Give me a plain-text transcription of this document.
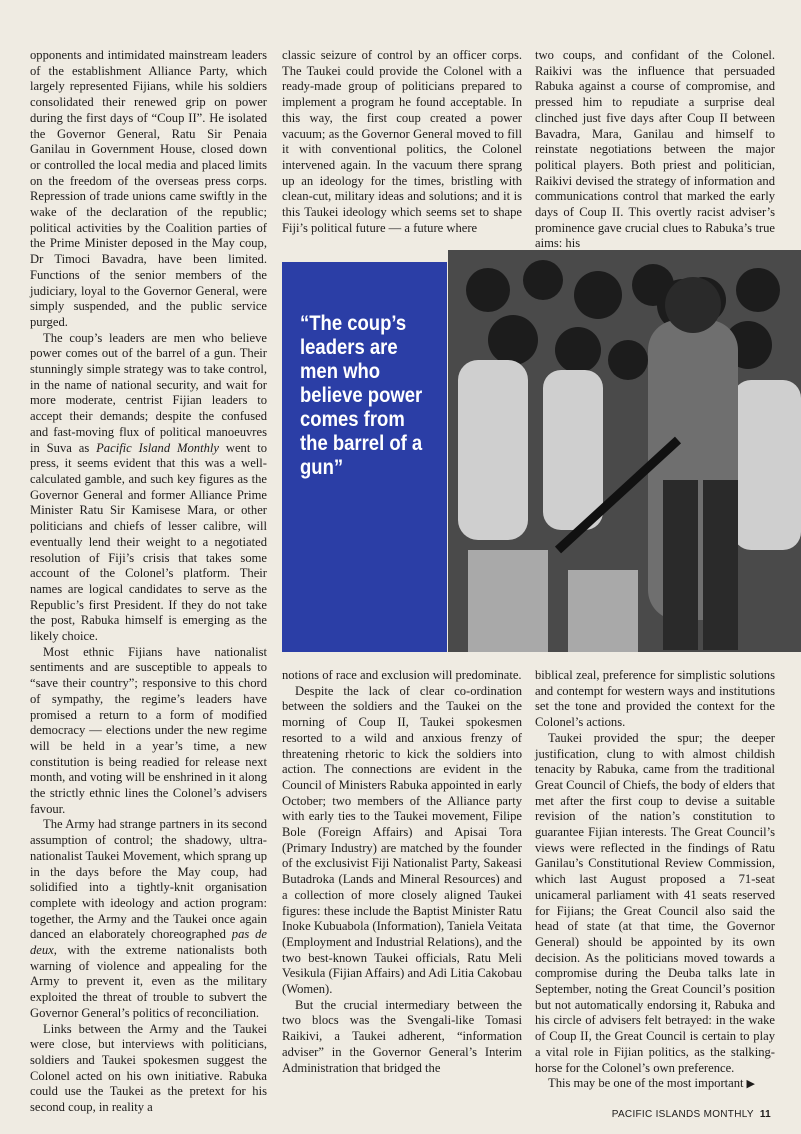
opponents and intimidated mainstream leaders of the establishment Alliance Party, which largely represented Fijians, while his soldiers consolidated their renewed grip on power during the first days of “Coup II”. He isolated the Governor General, Ratu Sir Penaia Ganilau in Government House, closed down or controlled the local media and placed limits on the freedom of the overseas press corps. Repression of trade unions came swiftly in the wake of the declaration of the republic; political activities by the Coalition parties of the Prime Minister deposed in the May coup, Dr Timoci Bavadra, have been limited. Functions of the senior members of the judiciary, loyal to the Governor General, were simply suspended, and the public service purged.

The coup’s leaders are men who believe power comes out of the barrel of a gun. Their stunningly simple strategy was to take control, in the name of national security, and wait for more moderate, centrist Fijian leaders to accept their demands; despite the confused and fast-moving flux of political manoeuvres in Suva as Pacific Island Monthly went to press, it seems evident that this was a well-calculated gamble, and such key figures as the Governor General and former Alliance Prime Minister Ratu Sir Kamisese Mara, or other politicians and chiefs of lesser calibre, will eventually lend their weight to a negotiated resolution of Fiji’s crisis that takes some account of the Colonel’s platform. Their names are logical candidates to serve as the Republic’s first President. If they do not take the post, Rabuka himself is emerging as the likely choice.

Most ethnic Fijians have nationalist sentiments and are susceptible to appeals to “save their country”; responsive to this chord of sympathy, the regime’s leaders have promised a return to a form of modified democracy — elections under the new regime will be held in a year’s time, a new constitution is being readied for release next month, and voting will be enshrined in it along the strictly ethnic lines the Colonel’s advisers favour.

The Army had strange partners in its second assumption of control; the shadowy, ultra-nationalist Taukei Movement, which sprang up in the days before the May coup, had solidified into a tightly-knit organisation complete with ideology and action program: together, the Army and the Taukei once again danced an elaborately choreographed pas de deux, with the extreme nationalists both warning of violence and appealing for the Army to prevent it, even as the military exploited the threat of trouble to subvert the Governor General’s politics of reconciliation.

Links between the Army and the Taukei were close, but interviews with politicians, soldiers and Taukei spokesmen suggest the Colonel acted on his own initiative. Rabuka could use the Taukei as the pretext for his second coup, in reality a

classic seizure of control by an officer corps. The Taukei could provide the Colonel with a ready-made group of politicians prepared to implement a program he found acceptable. In this way, the first coup created a power vacuum; as the Governor General moved to fill it with conventional politics, the Colonel intervened again. In the vacuum there sprang up an ideology for the times, bristling with clean-cut, military ideas and solutions; and it is this Taukei ideology which seems set to shape Fiji’s political future — a future where

two coups, and confidant of the Colonel. Raikivi was the influence that persuaded Rabuka against a course of compromise, and pressed him to repudiate a surprise deal clinched just five days after Coup II between Bavadra, Mara, Ganilau and himself to reinstate negotiations between the major political players. Both priest and politician, Raikivi devised the strategy of information and communications control that marked the early days of Coup II. This overtly racist adviser’s prominence gave crucial clues to Rabuka’s true aims: his

“The coup’s leaders are men who believe power comes from the barrel of a gun”

notions of race and exclusion will predominate.

Despite the lack of clear co-ordination between the soldiers and the Taukei on the morning of Coup II, Taukei spokesmen resorted to a wild and anxious frenzy of threatening rhetoric to kick the soldiers into action. The connections are evident in the Council of Ministers Rabuka appointed in early October; two members of the Alliance party with early ties to the Taukei movement, Filipe Bole (Foreign Affairs) and Apisai Tora (Primary Industry) are matched by the founder of the exclusivist Fiji Nationalist Party, Sakeasi Butadroka (Lands and Mineral Resources) and a collection of more closely aligned Taukei figures: these include the Baptist Minister Ratu Inoke Kubuabola (Information), Taniela Veitata (Employment and Industrial Relations), and the two best-known Taukei officials, Ratu Meli Vesikula (Fijian Affairs) and Adi Litia Cakobau (Women).

But the crucial intermediary between the two blocs was the Svengali-like Tomasi Raikivi, a Taukei adherent, “information adviser” in the Governor General’s Interim Administration that bridged the

biblical zeal, preference for simplistic solutions and contempt for western ways and institutions set the tone and provided the context for the Colonel’s actions.

Taukei provided the spur; the deeper justification, clung to with almost childish tenacity by Rabuka, came from the traditional Great Council of Chiefs, the body of elders that met after the first coup to devise a suitable revision of the nation’s constitution to guarantee Fijian interests. The Great Council’s views were reflected in the findings of Ratu Ganilau’s Constitutional Review Commission, which last August proposed a 71-seat unicameral parliament with 41 seats reserved for Fijians; the Great Council also said the head of state (at that time, the Governor General) should be appointed by its own decision. As the politicians moved towards a compromise during the Deuba talks late in September, noting the Great Council’s position but not automatically endorsing it, Rabuka and his circle of advisers felt betrayed: in the wake of Coup II, the Great Council is certain to play a vital role in Fijian politics, as the stalking-horse for the Colonel’s own preference.

This may be one of the most important ▶

PACIFIC ISLANDS MONTHLY 11
